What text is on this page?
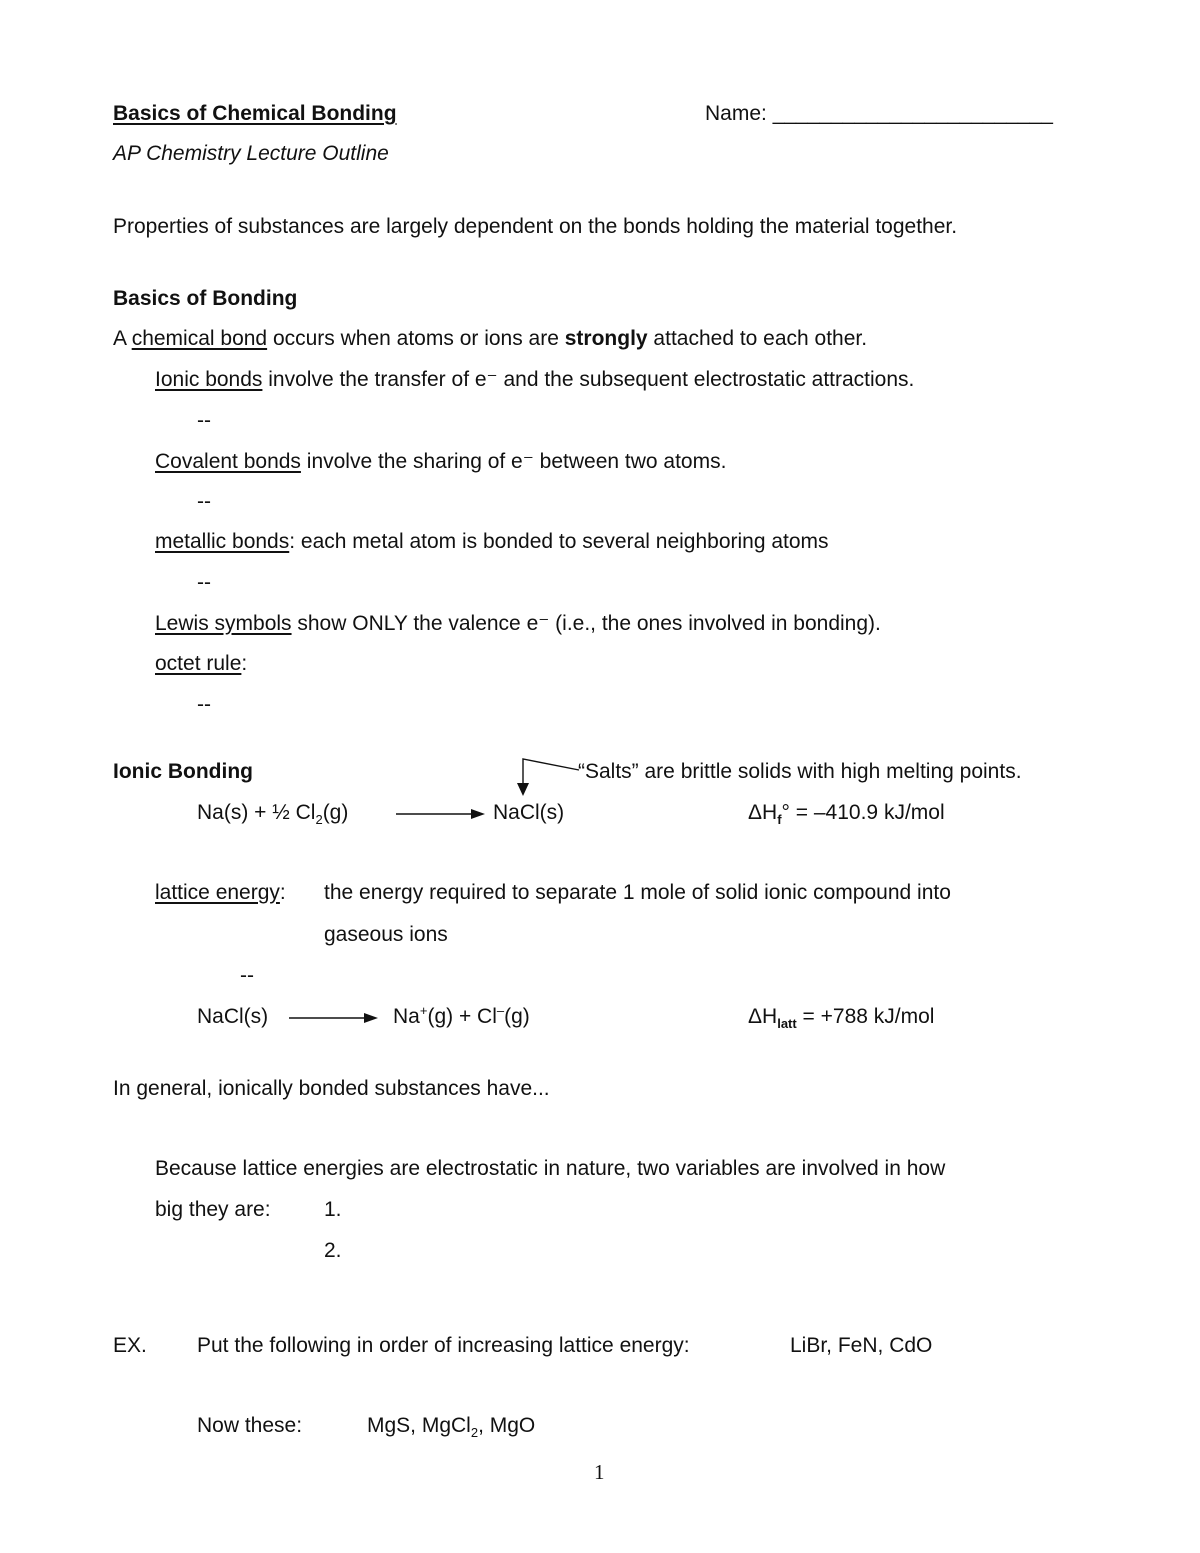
Basics of Chemical Bonding	Name: ________________________
AP Chemistry Lecture Outline
Properties of substances are largely dependent on the bonds holding the material together.
Basics of Bonding
A chemical bond occurs when atoms or ions are strongly attached to each other.
Ionic bonds involve the transfer of e⁻ and the subsequent electrostatic attractions.
--
Covalent bonds involve the sharing of e⁻ between two atoms.
--
metallic bonds: each metal atom is bonded to several neighboring atoms
--
Lewis symbols show ONLY the valence e⁻ (i.e., the ones involved in bonding).
octet rule:
--
Ionic Bonding	“Salts” are brittle solids with high melting points.
Na(s) + ½ $Cl_2(g)$	NaCl(s)	$\Delta H_f^\circ = -410.9$ kJ/mol
lattice energy: the energy required to separate 1 mole of solid ionic compound into
gaseous ions
--
NaCl(s)	Na+(g) + Cl–(g)	$\Delta H_{latt} = +788$ kJ/mol
In general, ionically bonded substances have...
Because lattice energies are electrostatic in nature, two variables are involved in how
big they are:	1.
2.
EX. Put the following in order of increasing lattice energy:	LiBr, FeN, CdO
Now these:	MgS, MgCl$_2$, MgO
1
